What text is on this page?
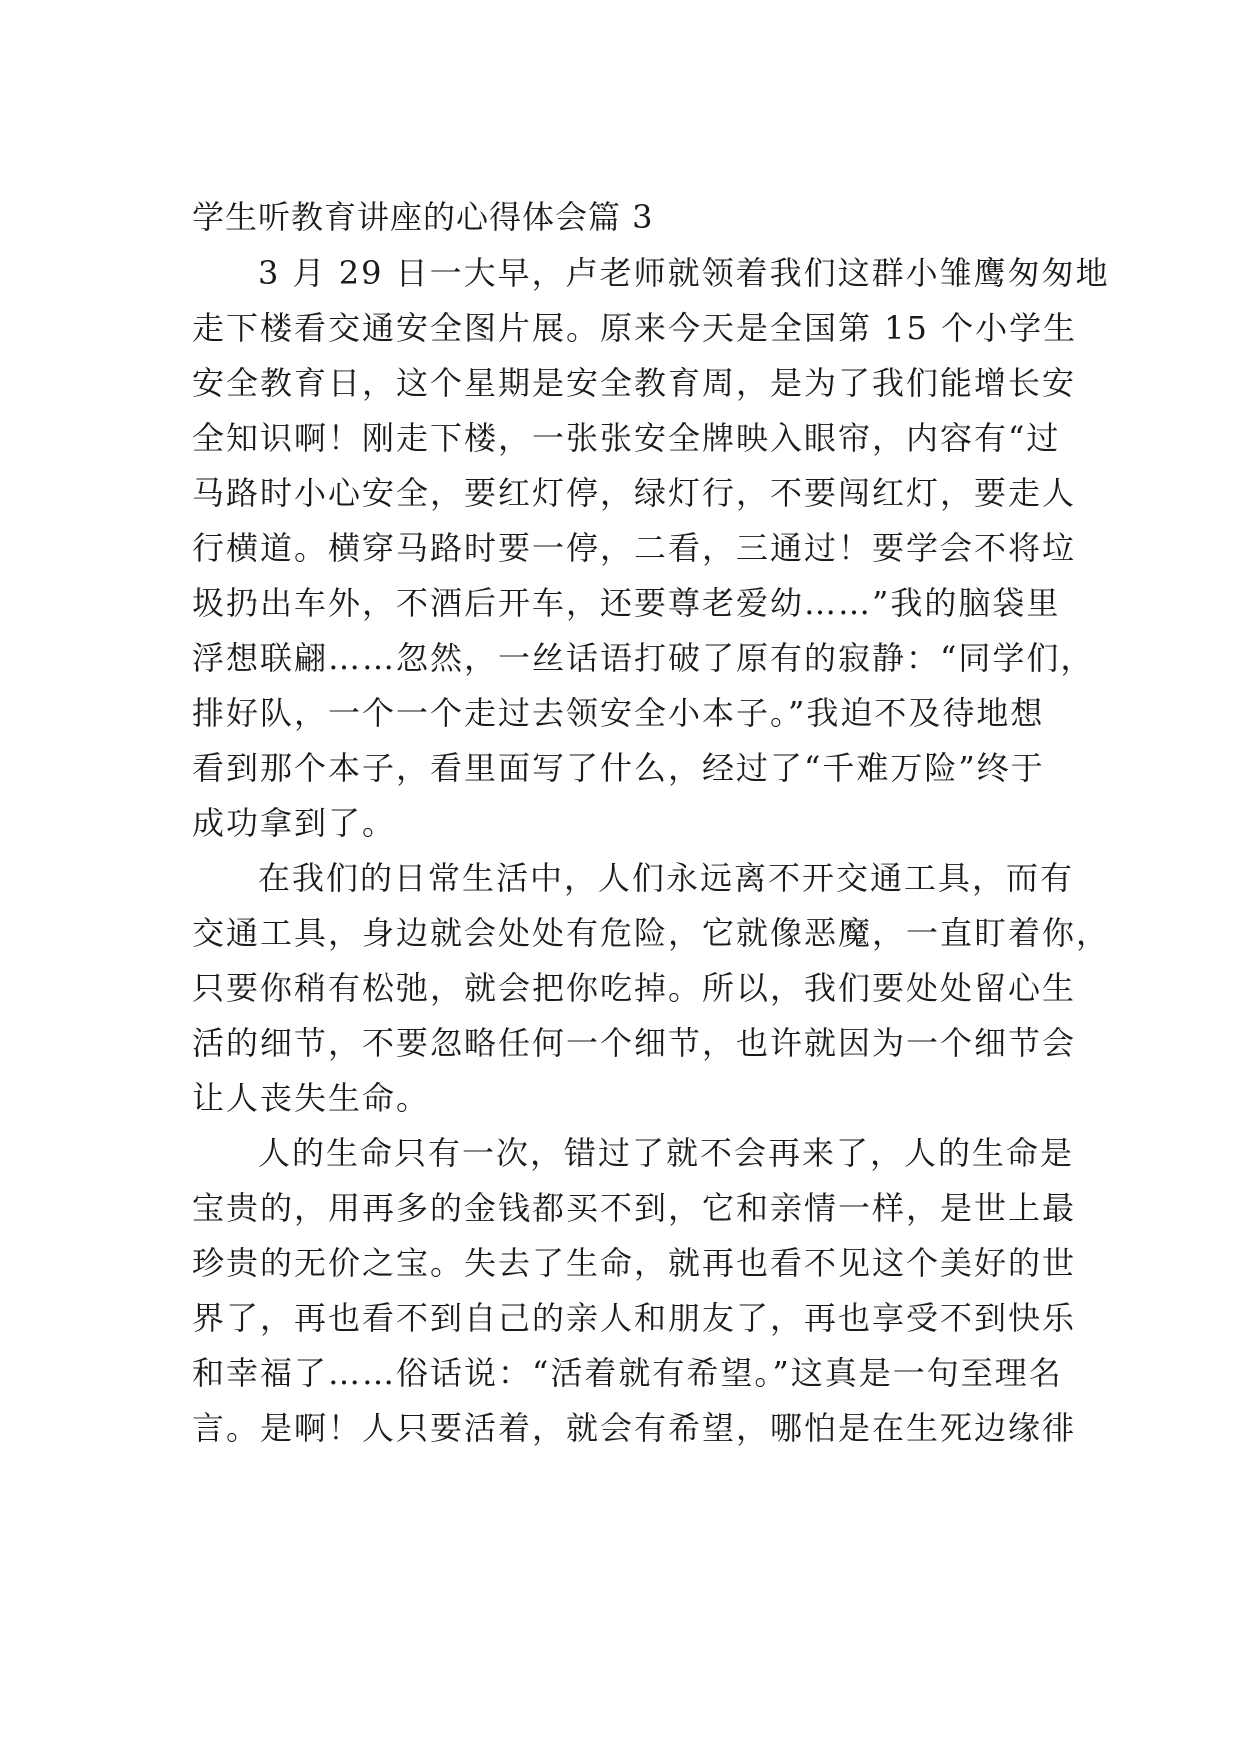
学生听教育讲座的心得体会篇 3
3 月 29 日一大早，卢老师就领着我们这群小雏鹰匆匆地
走下楼看交通安全图片展。原来今天是全国第 15 个小学生
安全教育日，这个星期是安全教育周，是为了我们能增长安
全知识啊！刚走下楼，一张张安全牌映入眼帘，内容有“过
马路时小心安全，要红灯停，绿灯行，不要闯红灯，要走人
行横道。横穿马路时要一停，二看，三通过！要学会不将垃
圾扔出车外，不酒后开车，还要尊老爱幼……”我的脑袋里
浮想联翩……忽然，一丝话语打破了原有的寂静：“同学们，
排好队，一个一个走过去领安全小本子。”我迫不及待地想
看到那个本子，看里面写了什么，经过了“千难万险”终于
成功拿到了。
在我们的日常生活中，人们永远离不开交通工具，而有
交通工具，身边就会处处有危险，它就像恶魔，一直盯着你，
只要你稍有松弛，就会把你吃掉。所以，我们要处处留心生
活的细节，不要忽略任何一个细节，也许就因为一个细节会
让人丧失生命。
人的生命只有一次，错过了就不会再来了，人的生命是
宝贵的，用再多的金钱都买不到，它和亲情一样，是世上最
珍贵的无价之宝。失去了生命，就再也看不见这个美好的世
界了，再也看不到自己的亲人和朋友了，再也享受不到快乐
和幸福了……俗话说：“活着就有希望。”这真是一句至理名
言。是啊！人只要活着，就会有希望，哪怕是在生死边缘徘
